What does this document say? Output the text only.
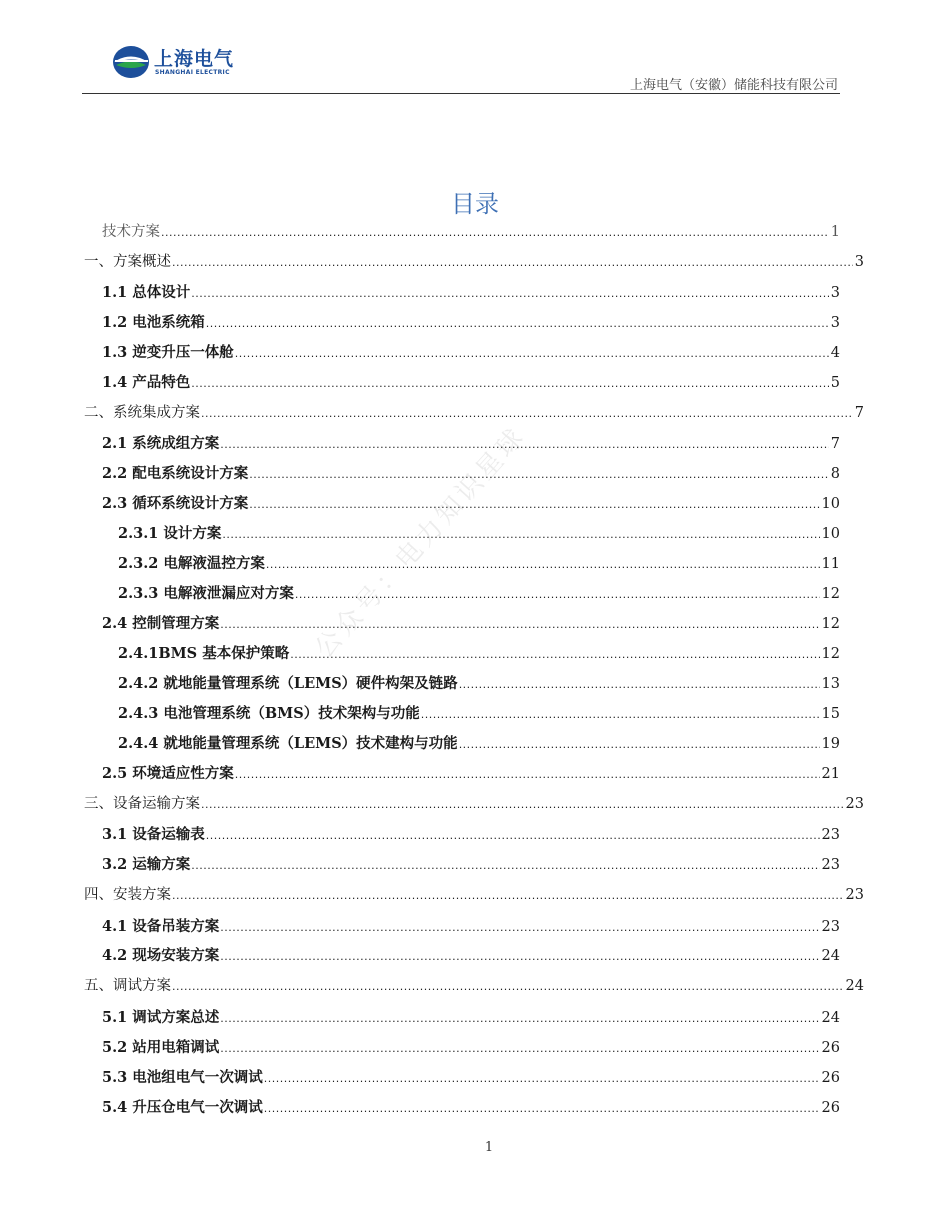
上海电气
SHANGHAI ELECTRIC
上海电气（安徽）储能科技有限公司
目录
公众号：电力知识星球
技术方案 .....	1
一、方案概述 .....	3
1.1 总体设计 .....	3
1.2 电池系统箱 .....	3
1.3 逆变升压一体舱 .....	4
1.4 产品特色 .....	5
二、系统集成方案 .....	7
2.1 系统成组方案 .....	7
2.2 配电系统设计方案 .....	8
2.3 循环系统设计方案 .....	10
2.3.1 设计方案 .....	10
2.3.2 电解液温控方案 .....	11
2.3.3 电解液泄漏应对方案 .....	12
2.4 控制管理方案 .....	12
2.4.1BMS 基本保护策略 .....	12
2.4.2 就地能量管理系统（LEMS）硬件构架及链路 .....	13
2.4.3 电池管理系统（BMS）技术架构与功能 .....	15
2.4.4 就地能量管理系统（LEMS）技术建构与功能 .....	19
2.5 环境适应性方案 .....	21
三、设备运输方案 .....	23
3.1 设备运输表 .....	23
3.2 运输方案 .....	23
四、安装方案 .....	23
4.1 设备吊装方案 .....	23
4.2 现场安装方案 .....	24
五、调试方案 .....	24
5.1 调试方案总述 .....	24
5.2 站用电箱调试 .....	26
5.3 电池组电气一次调试 .....	26
5.4 升压仓电气一次调试 .....	26
1
